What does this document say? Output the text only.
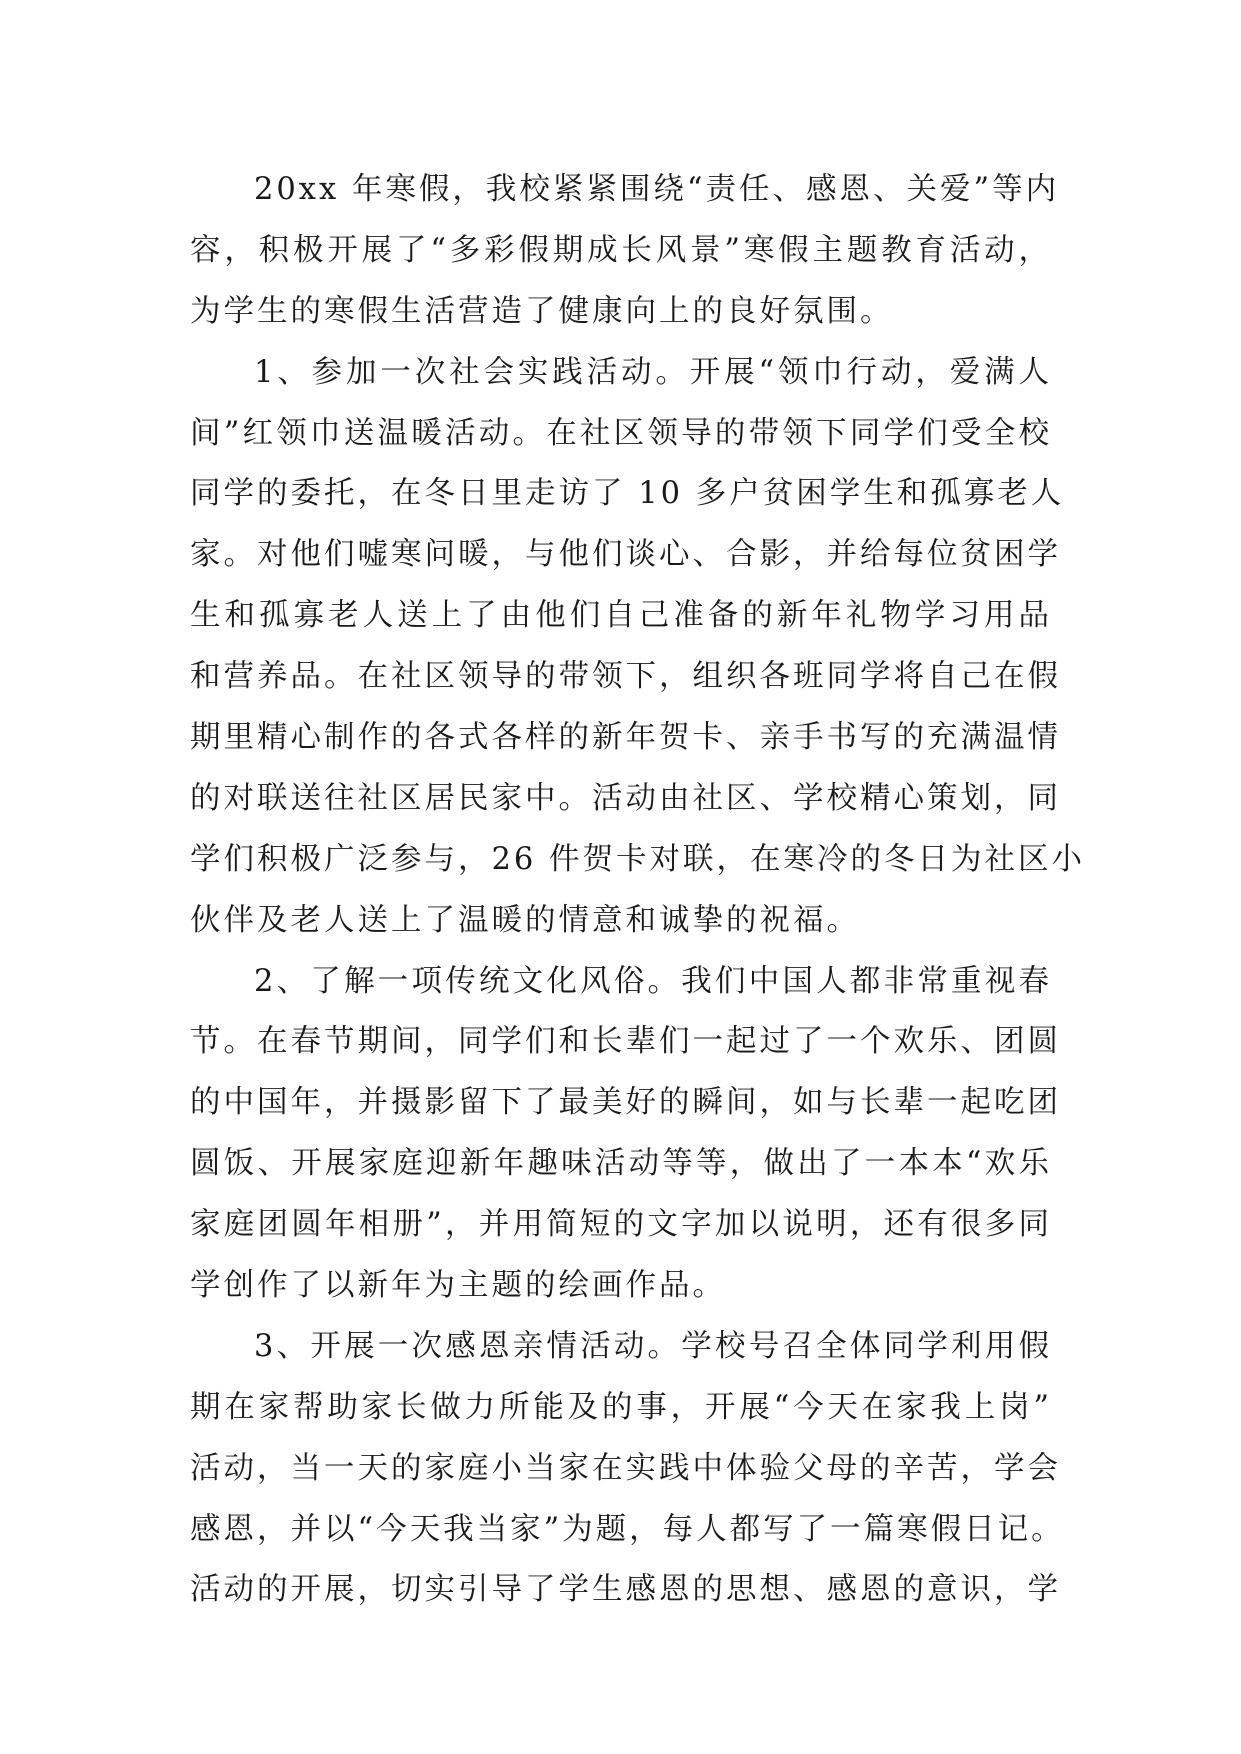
20xx 年寒假，我校紧紧围绕“责任、感恩、关爱”等内
容，积极开展了“多彩假期成长风景”寒假主题教育活动，
为学生的寒假生活营造了健康向上的良好氛围。
1、参加一次社会实践活动。开展“领巾行动，爱满人
间”红领巾送温暖活动。在社区领导的带领下同学们受全校
同学的委托，在冬日里走访了 10 多户贫困学生和孤寡老人
家。对他们嘘寒问暖，与他们谈心、合影，并给每位贫困学
生和孤寡老人送上了由他们自己准备的新年礼物学习用品
和营养品。在社区领导的带领下，组织各班同学将自己在假
期里精心制作的各式各样的新年贺卡、亲手书写的充满温情
的对联送往社区居民家中。活动由社区、学校精心策划，同
学们积极广泛参与，26 件贺卡对联，在寒冷的冬日为社区小
伙伴及老人送上了温暖的情意和诚挚的祝福。
2、了解一项传统文化风俗。我们中国人都非常重视春
节。在春节期间，同学们和长辈们一起过了一个欢乐、团圆
的中国年，并摄影留下了最美好的瞬间，如与长辈一起吃团
圆饭、开展家庭迎新年趣味活动等等，做出了一本本“欢乐
家庭团圆年相册”，并用简短的文字加以说明，还有很多同
学创作了以新年为主题的绘画作品。
3、开展一次感恩亲情活动。学校号召全体同学利用假
期在家帮助家长做力所能及的事，开展“今天在家我上岗”
活动，当一天的家庭小当家在实践中体验父母的辛苦，学会
感恩，并以“今天我当家”为题，每人都写了一篇寒假日记。
活动的开展，切实引导了学生感恩的思想、感恩的意识，学
